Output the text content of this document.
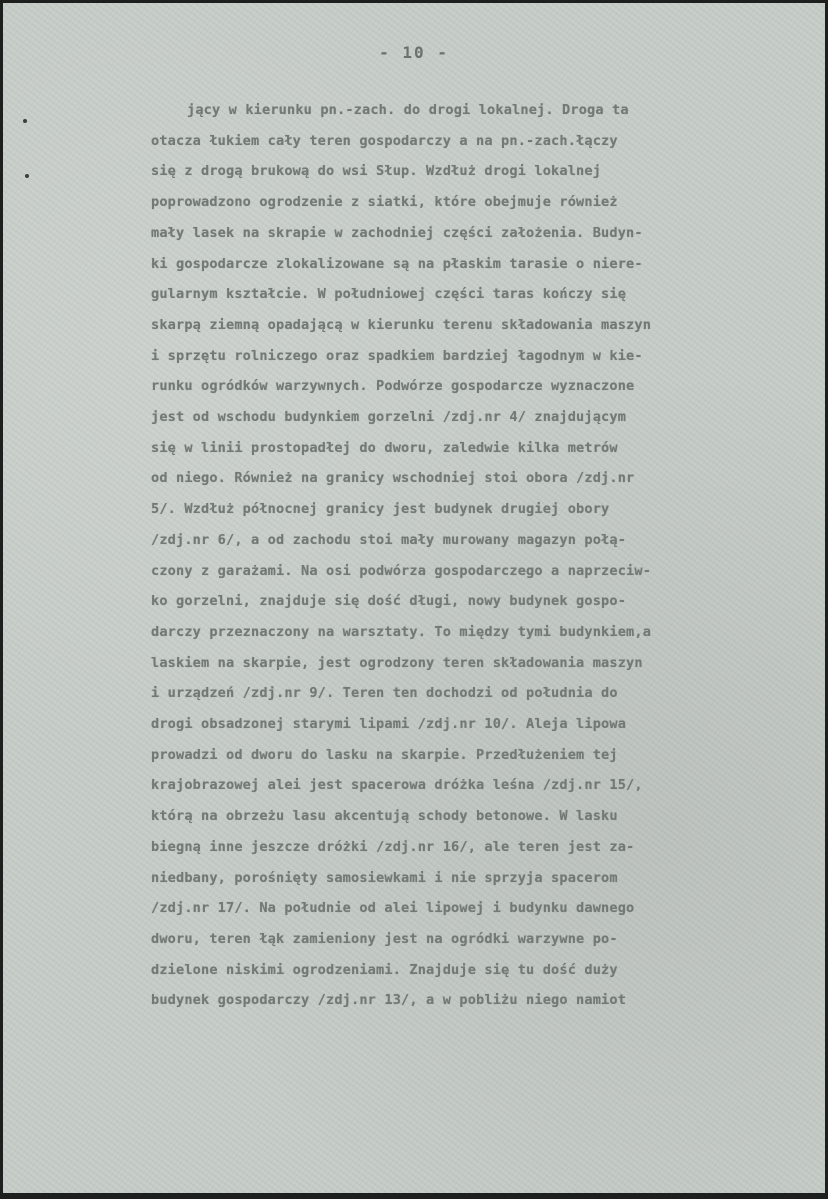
- 10 -
jący w kierunku pn.-zach. do drogi lokalnej. Droga ta
otacza łukiem cały teren gospodarczy a na pn.-zach.łączy
się z drogą brukową do wsi Słup. Wzdłuż drogi lokalnej
poprowadzono ogrodzenie z siatki, które obejmuje również
mały lasek na skrapie w zachodniej części założenia. Budyn-
ki gospodarcze zlokalizowane są na płaskim tarasie o niere-
gularnym kształcie. W południowej części taras kończy się
skarpą ziemną opadającą w kierunku terenu składowania maszyn
i sprzętu rolniczego oraz spadkiem bardziej łagodnym w kie-
runku ogródków warzywnych. Podwórze gospodarcze wyznaczone
jest od wschodu budynkiem gorzelni /zdj.nr 4/ znajdującym
się w linii prostopadłej do dworu, zaledwie kilka metrów
od niego. Również na granicy wschodniej stoi obora /zdj.nr
5/. Wzdłuż północnej granicy jest budynek drugiej obory
/zdj.nr 6/, a od zachodu stoi mały murowany magazyn połą-
czony z garażami. Na osi podwórza gospodarczego a naprzeciw-
ko gorzelni, znajduje się dość długi, nowy budynek gospo-
darczy przeznaczony na warsztaty. To między tymi budynkiem,a
laskiem na skarpie, jest ogrodzony teren składowania maszyn
i urządzeń /zdj.nr 9/. Teren ten dochodzi od południa do
drogi obsadzonej starymi lipami /zdj.nr 10/. Aleja lipowa
prowadzi od dworu do lasku na skarpie. Przedłużeniem tej
krajobrazowej alei jest spacerowa dróżka leśna /zdj.nr 15/,
którą na obrzeżu lasu akcentują schody betonowe. W lasku
biegną inne jeszcze dróżki /zdj.nr 16/, ale teren jest za-
niedbany, porośnięty samosiewkami i nie sprzyja spacerom
/zdj.nr 17/. Na południe od alei lipowej i budynku dawnego
dworu, teren łąk zamieniony jest na ogródki warzywne po-
dzielone niskimi ogrodzeniami. Znajduje się tu dość duży
budynek gospodarczy /zdj.nr 13/, a w pobliżu niego namiot
